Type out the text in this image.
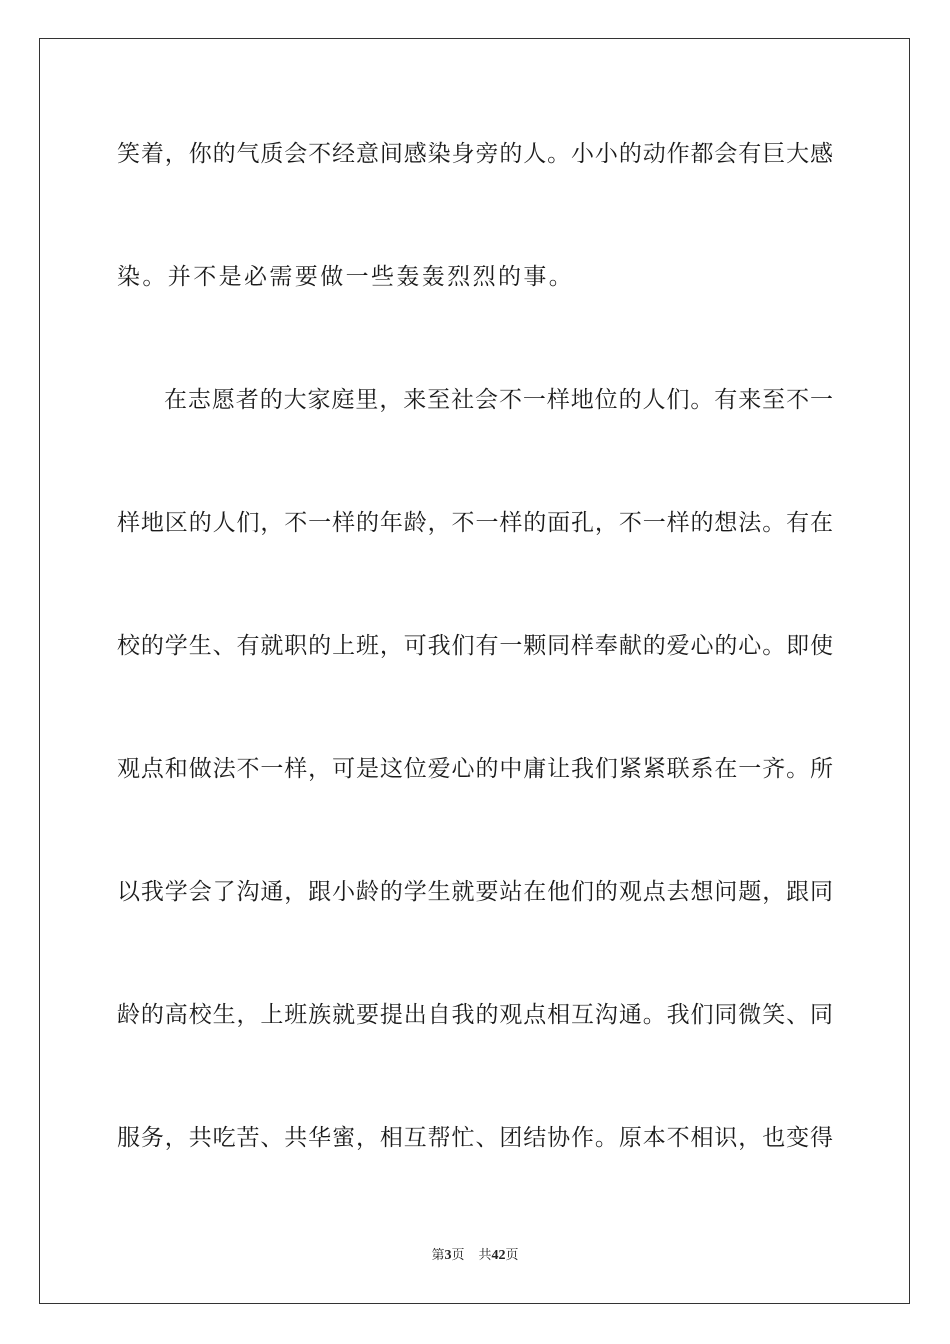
笑着，你的气质会不经意间感染身旁的人。小小的动作都会有巨大感
染。并不是必需要做一些轰轰烈烈的事。
在志愿者的大家庭里，来至社会不一样地位的人们。有来至不一
样地区的人们，不一样的年龄，不一样的面孔，不一样的想法。有在
校的学生、有就职的上班，可我们有一颗同样奉献的爱心的心。即使
观点和做法不一样，可是这位爱心的中庸让我们紧紧联系在一齐。所
以我学会了沟通，跟小龄的学生就要站在他们的观点去想问题，跟同
龄的高校生，上班族就要提出自我的观点相互沟通。我们同微笑、同
服务，共吃苦、共华蜜，相互帮忙、团结协作。原本不相识，也变得
第3页 共42页
